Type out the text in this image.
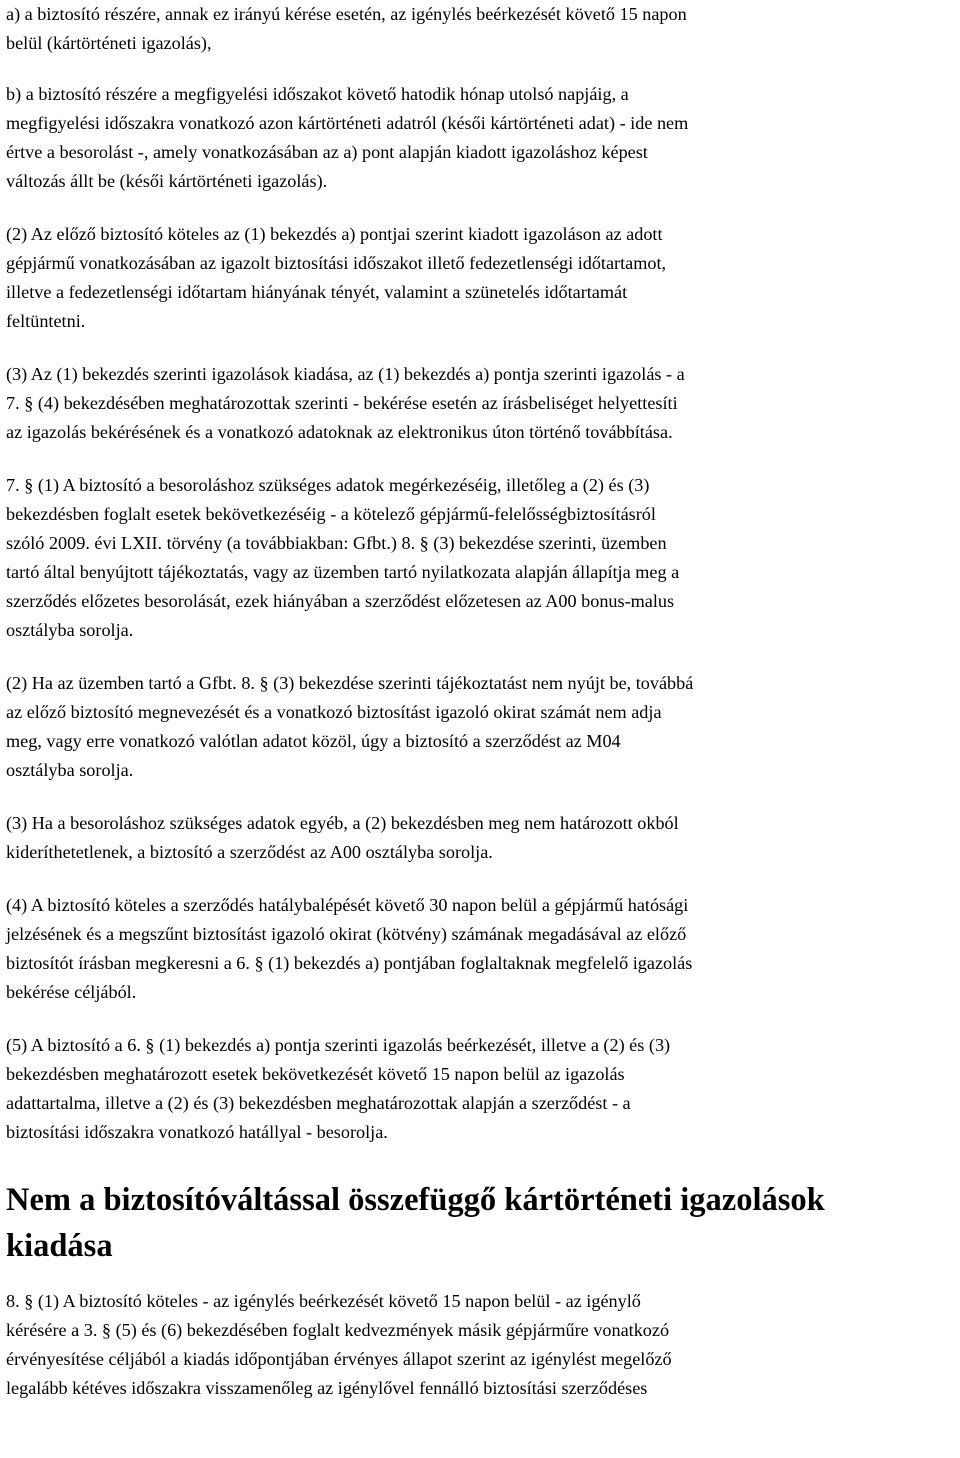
a) a biztosító részére, annak ez irányú kérése esetén, az igénylés beérkezését követő 15 napon
belül (kártörténeti igazolás),

b) a biztosító részére a megfigyelési időszakot követő hatodik hónap utolsó napjáig, a
megfigyelési időszakra vonatkozó azon kártörténeti adatról (késői kártörténeti adat) - ide nem
értve a besorolást -, amely vonatkozásában az a) pont alapján kiadott igazoláshoz képest
változás állt be (késői kártörténeti igazolás).

(2) Az előző biztosító köteles az (1) bekezdés a) pontjai szerint kiadott igazoláson az adott
gépjármű vonatkozásában az igazolt biztosítási időszakot illető fedezetlenségi időtartamot,
illetve a fedezetlenségi időtartam hiányának tényét, valamint a szünetelés időtartamát
feltüntetni.

(3) Az (1) bekezdés szerinti igazolások kiadása, az (1) bekezdés a) pontja szerinti igazolás - a
7. § (4) bekezdésében meghatározottak szerinti - bekérése esetén az írásbeliséget helyettesíti
az igazolás bekérésének és a vonatkozó adatoknak az elektronikus úton történő továbbítása.

7. § (1) A biztosító a besoroláshoz szükséges adatok megérkezéséig, illetőleg a (2) és (3)
bekezdésben foglalt esetek bekövetkezéséig - a kötelező gépjármű-felelősségbiztosításról
szóló 2009. évi LXII. törvény (a továbbiakban: Gfbt.) 8. § (3) bekezdése szerinti, üzemben
tartó által benyújtott tájékoztatás, vagy az üzemben tartó nyilatkozata alapján állapítja meg a
szerződés előzetes besorolását, ezek hiányában a szerződést előzetesen az A00 bonus-malus
osztályba sorolja.

(2) Ha az üzemben tartó a Gfbt. 8. § (3) bekezdése szerinti tájékoztatást nem nyújt be, továbbá
az előző biztosító megnevezését és a vonatkozó biztosítást igazoló okirat számát nem adja
meg, vagy erre vonatkozó valótlan adatot közöl, úgy a biztosító a szerződést az M04
osztályba sorolja.

(3) Ha a besoroláshoz szükséges adatok egyéb, a (2) bekezdésben meg nem határozott okból
kideríthetetlenek, a biztosító a szerződést az A00 osztályba sorolja.

(4) A biztosító köteles a szerződés hatálybalépését követő 30 napon belül a gépjármű hatósági
jelzésének és a megszűnt biztosítást igazoló okirat (kötvény) számának megadásával az előző
biztosítót írásban megkeresni a 6. § (1) bekezdés a) pontjában foglaltaknak megfelelő igazolás
bekérése céljából.

(5) A biztosító a 6. § (1) bekezdés a) pontja szerinti igazolás beérkezését, illetve a (2) és (3)
bekezdésben meghatározott esetek bekövetkezését követő 15 napon belül az igazolás
adattartalma, illetve a (2) és (3) bekezdésben meghatározottak alapján a szerződést - a
biztosítási időszakra vonatkozó hatállyal - besorolja.

Nem a biztosítóváltással összefüggő kártörténeti igazolások
kiadása

8. § (1) A biztosító köteles - az igénylés beérkezését követő 15 napon belül - az igénylő
kérésére a 3. § (5) és (6) bekezdésében foglalt kedvezmények másik gépjárműre vonatkozó
érvényesítése céljából a kiadás időpontjában érvényes állapot szerint az igénylést megelőző
legalább kétéves időszakra visszamenőleg az igénylővel fennálló biztosítási szerződéses
